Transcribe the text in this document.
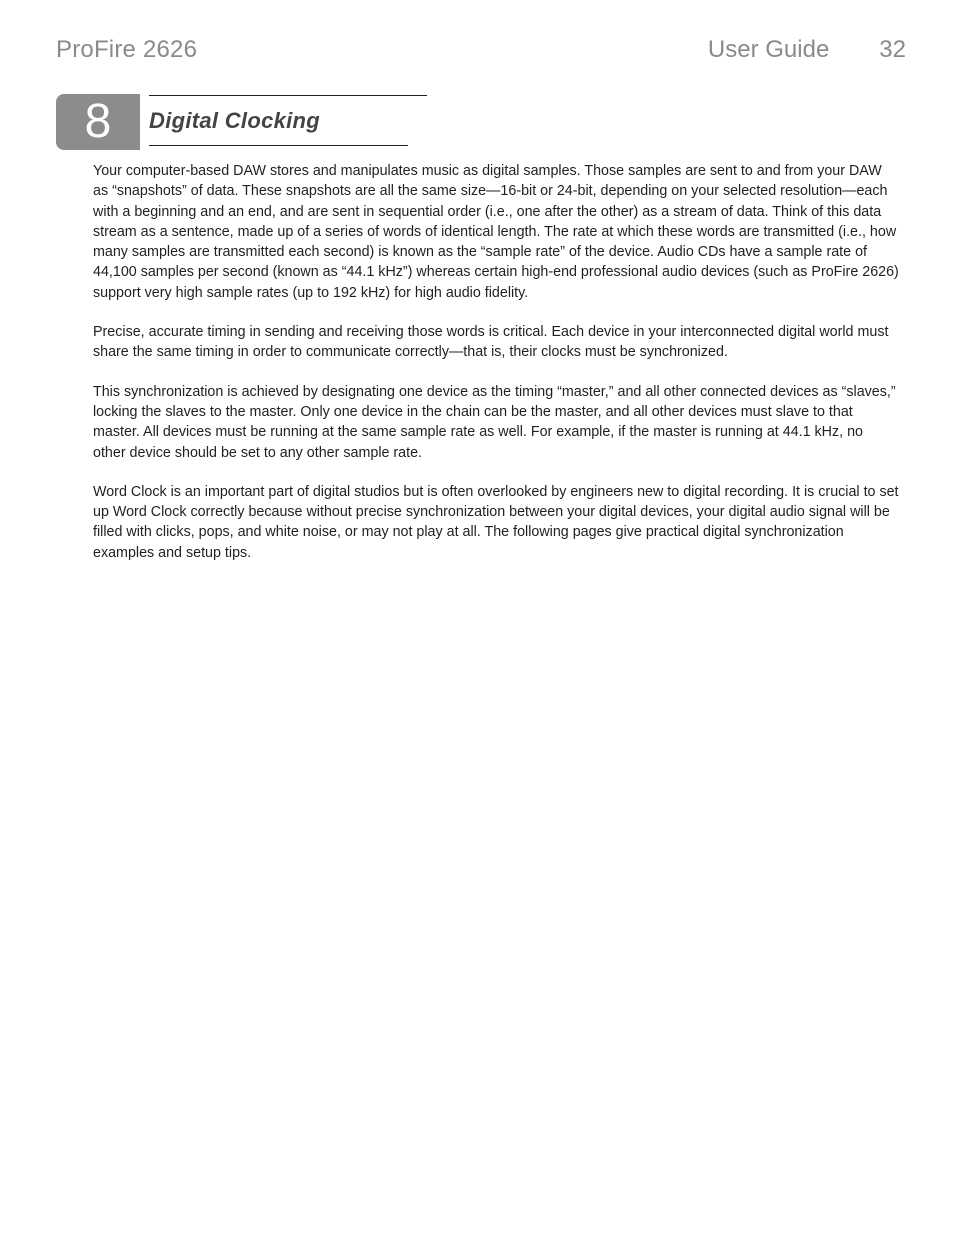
ProFire 2626	User Guide 32
8	Digital Clocking

Your computer-based DAW stores and manipulates music as digital samples. Those samples are sent to and from your DAW as “snapshots” of data. These snapshots are all the same size—16-bit or 24-bit, depending on your selected resolution—each with a beginning and an end, and are sent in sequential order (i.e., one after the other) as a stream of data. Think of this data stream as a sentence, made up of a series of words of identical length. The rate at which these words are transmitted (i.e., how many samples are transmitted each second) is known as the “sample rate” of the device. Audio CDs have a sample rate of 44,100 samples per second (known as “44.1 kHz”) whereas certain high-end professional audio devices (such as ProFire 2626) support very high sample rates (up to 192 kHz) for high audio fidelity.

Precise, accurate timing in sending and receiving those words is critical. Each device in your interconnected digital world must share the same timing in order to communicate correctly—that is, their clocks must be synchronized.

This synchronization is achieved by designating one device as the timing “master,” and all other connected devices as “slaves,” locking the slaves to the master. Only one device in the chain can be the master, and all other devices must slave to that master. All devices must be running at the same sample rate as well. For example, if the master is running at 44.1 kHz, no other device should be set to any other sample rate.

Word Clock is an important part of digital studios but is often overlooked by engineers new to digital recording. It is crucial to set up Word Clock correctly because without precise synchronization between your digital devices, your digital audio signal will be filled with clicks, pops, and white noise, or may not play at all. The following pages give practical digital synchronization examples and setup tips.
